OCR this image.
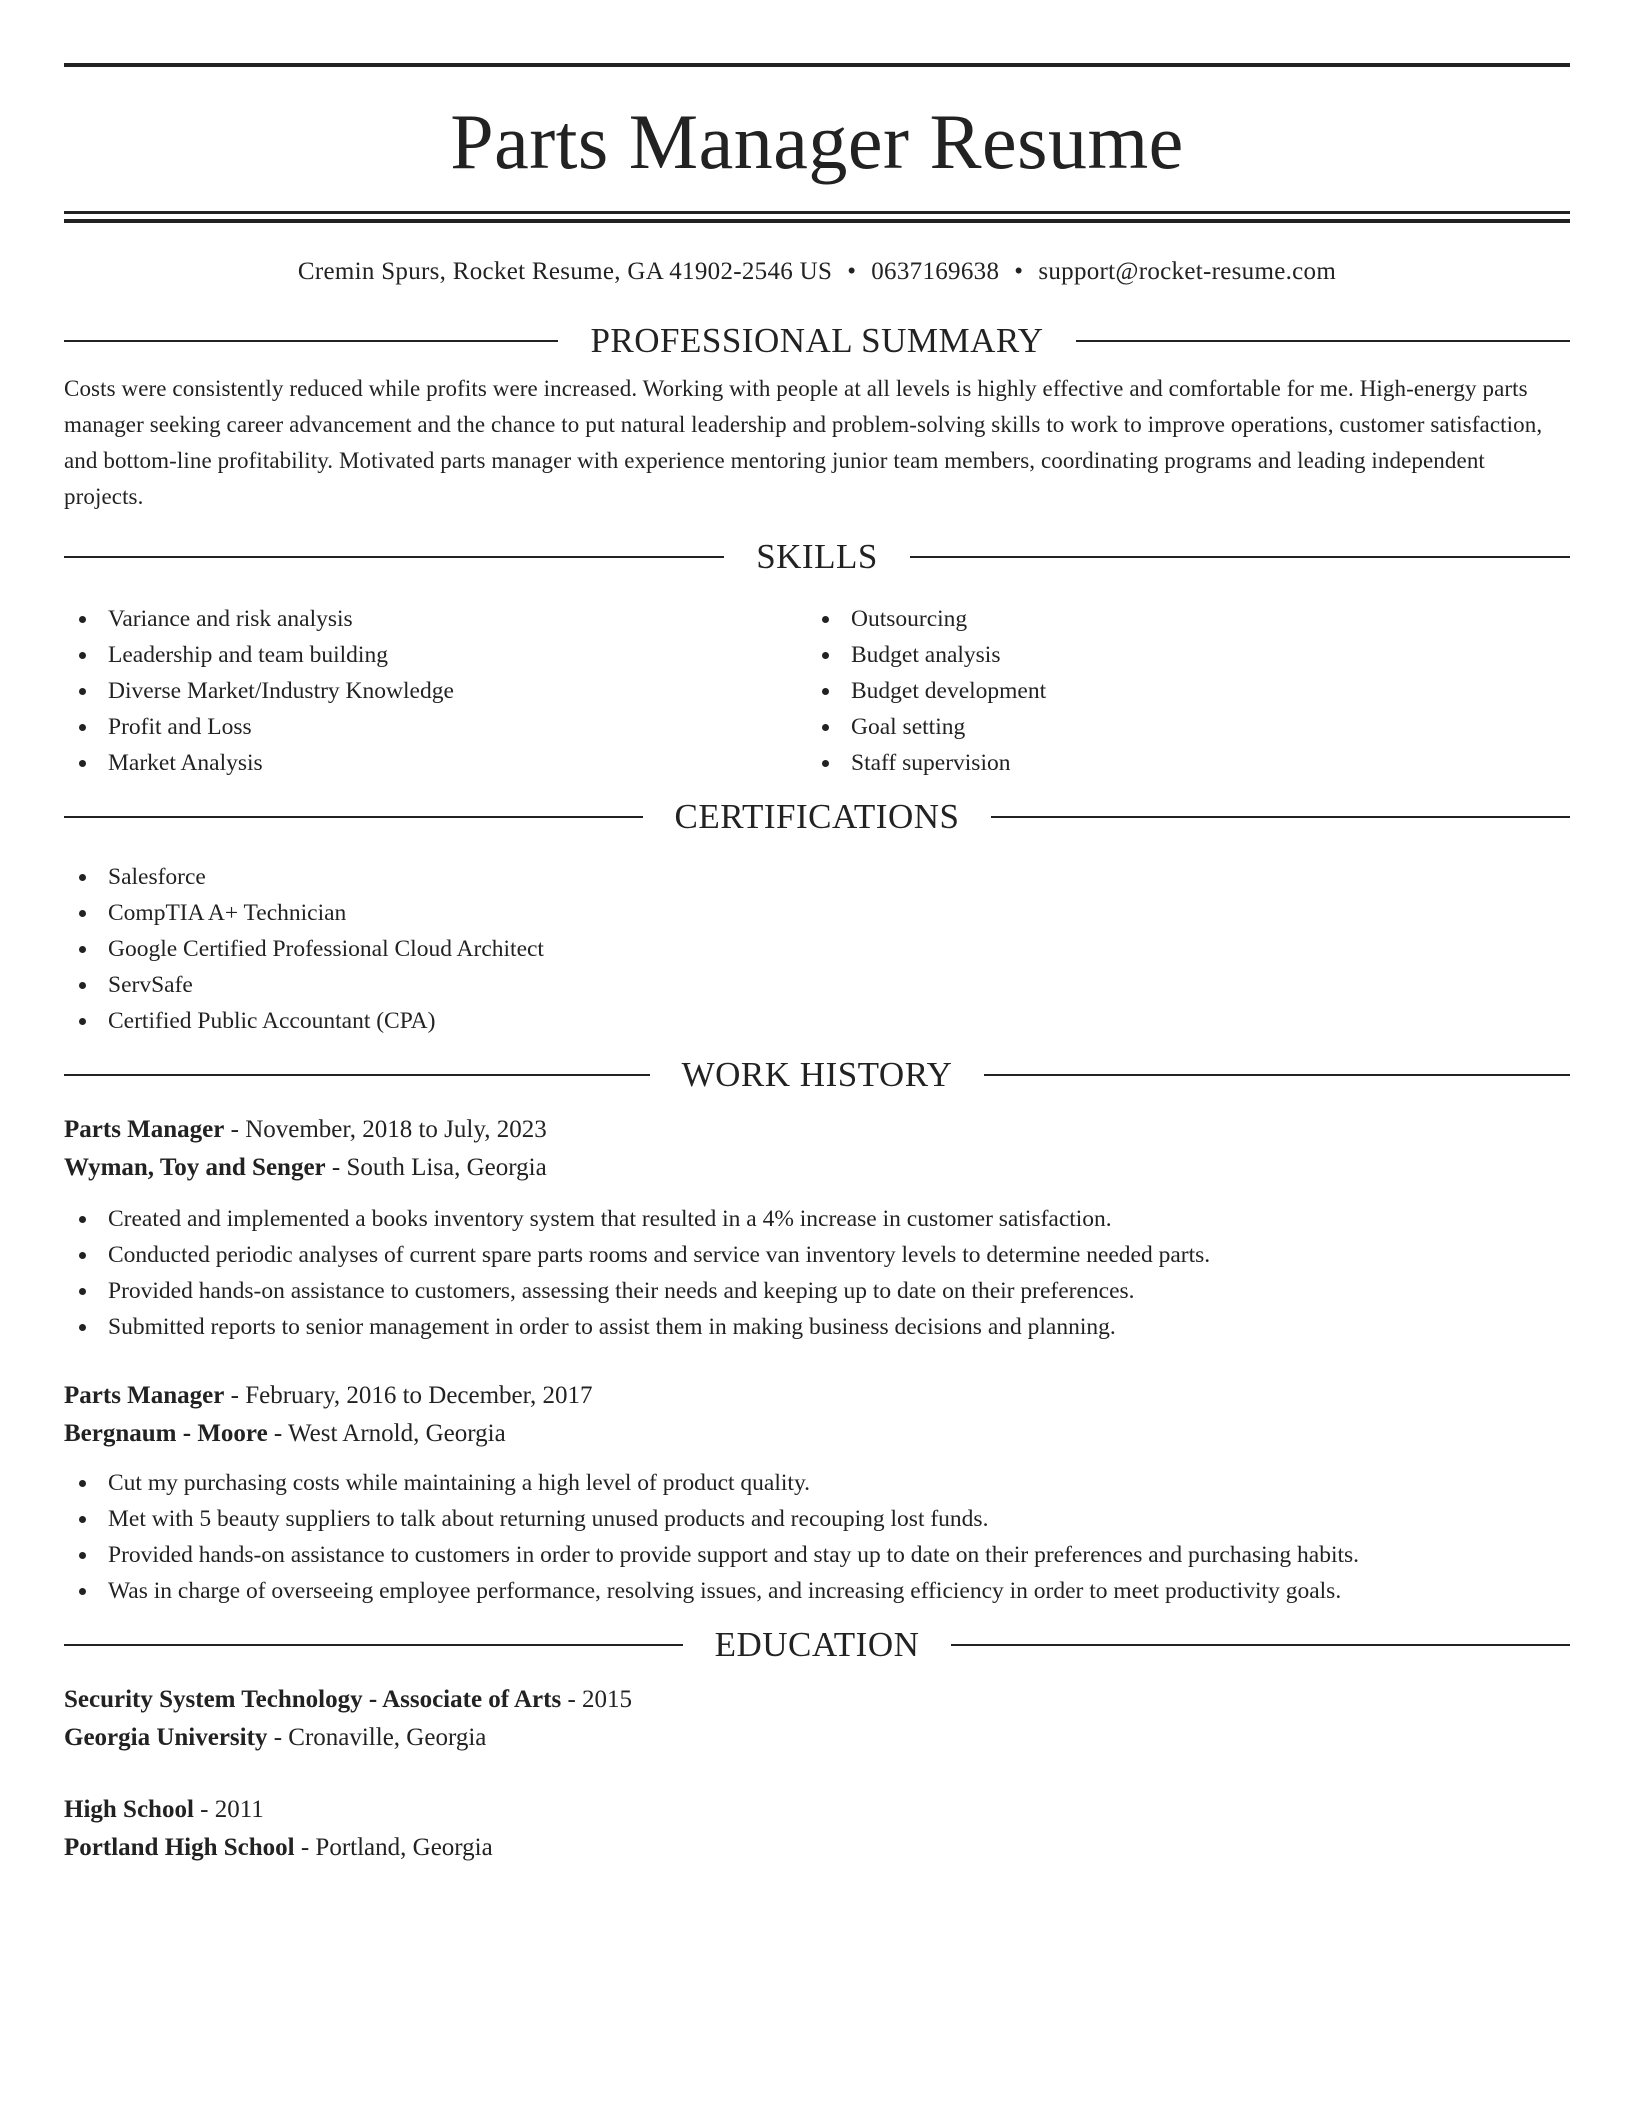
Parts Manager Resume
Cremin Spurs, Rocket Resume, GA 41902-2546 US • 0637169638 • support@rocket-resume.com
PROFESSIONAL SUMMARY
Costs were consistently reduced while profits were increased. Working with people at all levels is highly effective and comfortable for me. High-energy parts manager seeking career advancement and the chance to put natural leadership and problem-solving skills to work to improve operations, customer satisfaction, and bottom-line profitability. Motivated parts manager with experience mentoring junior team members, coordinating programs and leading independent projects.
SKILLS
Variance and risk analysis
Leadership and team building
Diverse Market/Industry Knowledge
Profit and Loss
Market Analysis
Outsourcing
Budget analysis
Budget development
Goal setting
Staff supervision
CERTIFICATIONS
Salesforce
CompTIA A+ Technician
Google Certified Professional Cloud Architect
ServSafe
Certified Public Accountant (CPA)
WORK HISTORY
Parts Manager - November, 2018 to July, 2023
Wyman, Toy and Senger - South Lisa, Georgia
Created and implemented a books inventory system that resulted in a 4% increase in customer satisfaction.
Conducted periodic analyses of current spare parts rooms and service van inventory levels to determine needed parts.
Provided hands-on assistance to customers, assessing their needs and keeping up to date on their preferences.
Submitted reports to senior management in order to assist them in making business decisions and planning.
Parts Manager - February, 2016 to December, 2017
Bergnaum - Moore - West Arnold, Georgia
Cut my purchasing costs while maintaining a high level of product quality.
Met with 5 beauty suppliers to talk about returning unused products and recouping lost funds.
Provided hands-on assistance to customers in order to provide support and stay up to date on their preferences and purchasing habits.
Was in charge of overseeing employee performance, resolving issues, and increasing efficiency in order to meet productivity goals.
EDUCATION
Security System Technology - Associate of Arts - 2015
Georgia University - Cronaville, Georgia
High School - 2011
Portland High School - Portland, Georgia
